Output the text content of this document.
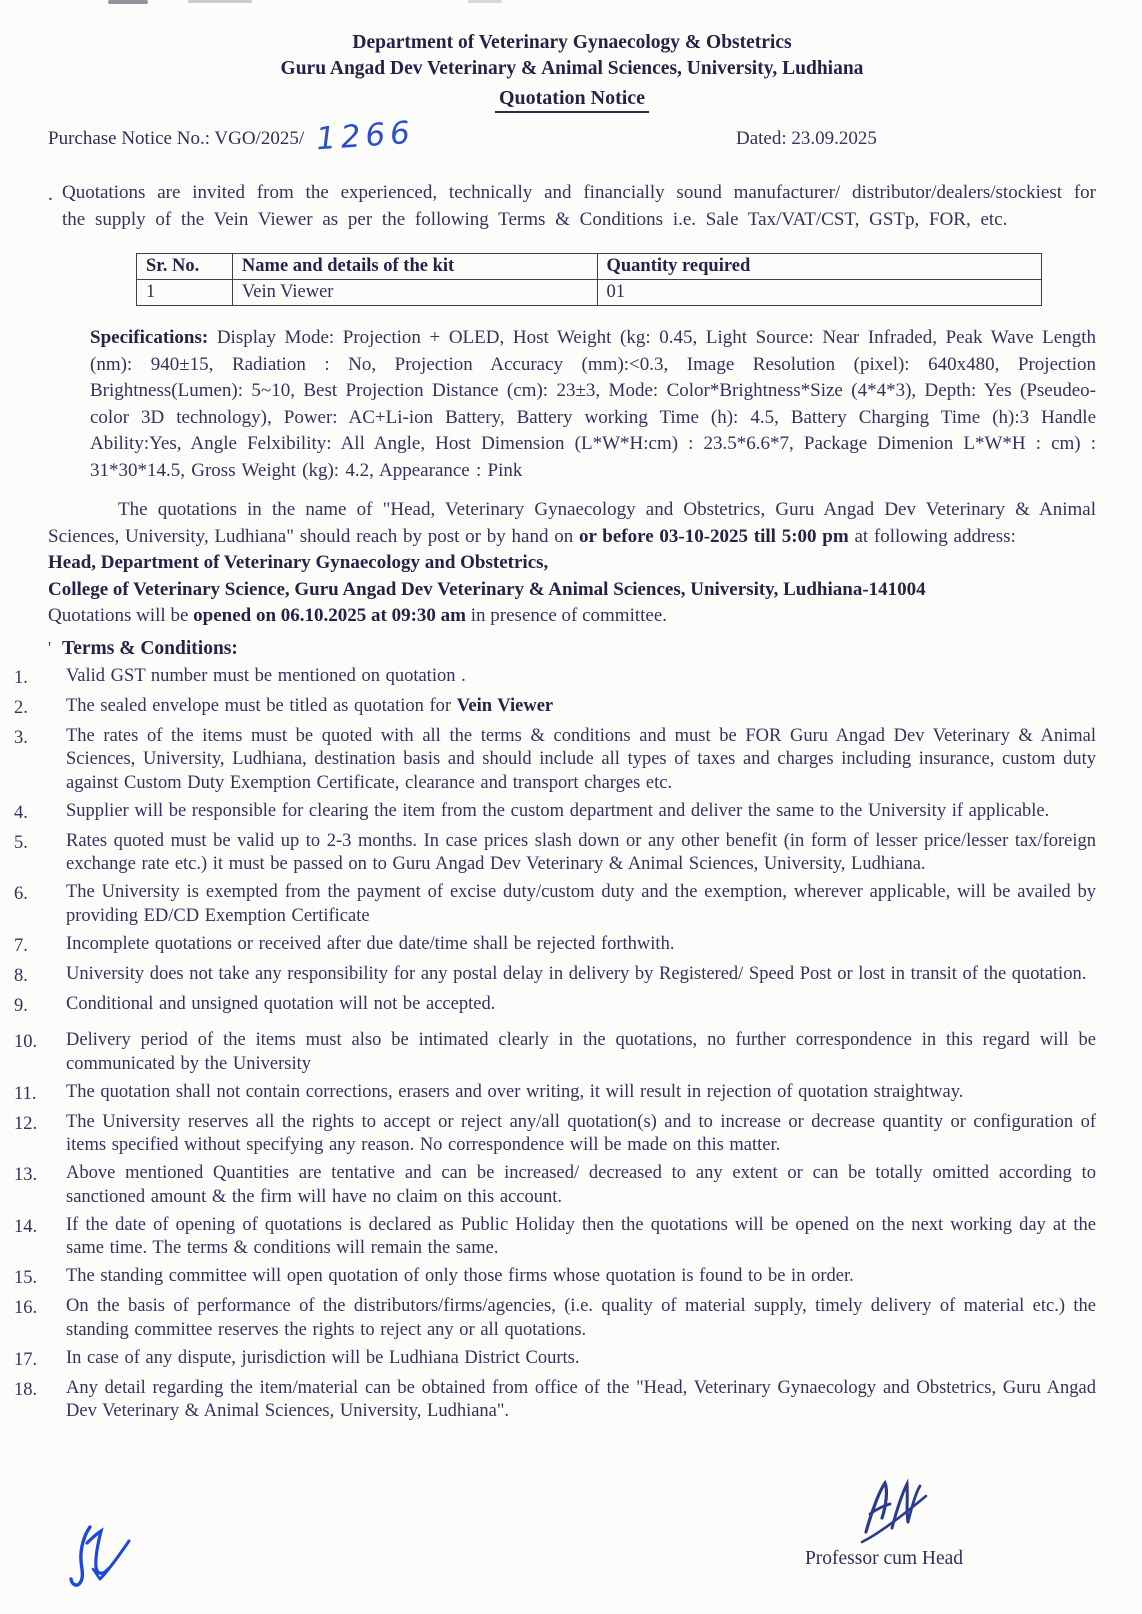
Department of Veterinary Gynaecology & Obstetrics
Guru Angad Dev Veterinary & Animal Sciences, University, Ludhiana
Quotation Notice
Purchase Notice No.: VGO/2025/ 1266	Dated: 23.09.2025
. Quotations are invited from the experienced, technically and financially sound manufacturer/ distributor/dealers/stockiest for the supply of the Vein Viewer as per the following Terms & Conditions i.e. Sale Tax/VAT/CST, GSTp, FOR, etc.

Sr. No.	Name and details of the kit	Quantity required
1	Vein Viewer	01

Specifications: Display Mode: Projection + OLED, Host Weight (kg: 0.45, Light Source: Near Infraded, Peak Wave Length (nm): 940±15, Radiation : No, Projection Accuracy (mm):<0.3, Image Resolution (pixel): 640x480, Projection Brightness(Lumen): 5~10, Best Projection Distance (cm): 23±3, Mode: Color*Brightness*Size (4*4*3), Depth: Yes (Pseudeo-color 3D technology), Power: AC+Li-ion Battery, Battery working Time (h): 4.5, Battery Charging Time (h):3 Handle Ability:Yes, Angle Felxibility: All Angle, Host Dimension (L*W*H:cm) : 23.5*6.6*7, Package Dimenion L*W*H : cm) : 31*30*14.5, Gross Weight (kg): 4.2, Appearance : Pink

The quotations in the name of "Head, Veterinary Gynaecology and Obstetrics, Guru Angad Dev Veterinary & Animal Sciences, University, Ludhiana" should reach by post or by hand on or before 03-10-2025 till 5:00 pm at following address:

Head, Department of Veterinary Gynaecology and Obstetrics,

College of Veterinary Science, Guru Angad Dev Veterinary & Animal Sciences, University, Ludhiana-141004

Quotations will be opened on 06.10.2025 at 09:30 am in presence of committee.

' Terms & Conditions:
1.	Valid GST number must be mentioned on quotation .
2.	The sealed envelope must be titled as quotation for Vein Viewer
3.	The rates of the items must be quoted with all the terms & conditions and must be FOR Guru Angad Dev Veterinary & Animal Sciences, University, Ludhiana, destination basis and should include all types of taxes and charges including insurance, custom duty against Custom Duty Exemption Certificate, clearance and transport charges etc.
4.	Supplier will be responsible for clearing the item from the custom department and deliver the same to the University if applicable.
5.	Rates quoted must be valid up to 2-3 months. In case prices slash down or any other benefit (in form of lesser price/lesser tax/foreign exchange rate etc.) it must be passed on to Guru Angad Dev Veterinary & Animal Sciences, University, Ludhiana.
6.	The University is exempted from the payment of excise duty/custom duty and the exemption, wherever applicable, will be availed by providing ED/CD Exemption Certificate
7.	Incomplete quotations or received after due date/time shall be rejected forthwith.
8.	University does not take any responsibility for any postal delay in delivery by Registered/ Speed Post or lost in transit of the quotation.
9.	Conditional and unsigned quotation will not be accepted.
10.	Delivery period of the items must also be intimated clearly in the quotations, no further correspondence in this regard will be communicated by the University
11.	The quotation shall not contain corrections, erasers and over writing, it will result in rejection of quotation straightway.
12.	The University reserves all the rights to accept or reject any/all quotation(s) and to increase or decrease quantity or configuration of items specified without specifying any reason. No correspondence will be made on this matter.
13.	Above mentioned Quantities are tentative and can be increased/ decreased to any extent or can be totally omitted according to sanctioned amount & the firm will have no claim on this account.
14.	If the date of opening of quotations is declared as Public Holiday then the quotations will be opened on the next working day at the same time. The terms & conditions will remain the same.
15.	The standing committee will open quotation of only those firms whose quotation is found to be in order.
16.	On the basis of performance of the distributors/firms/agencies, (i.e. quality of material supply, timely delivery of material etc.) the standing committee reserves the rights to reject any or all quotations.
17.	In case of any dispute, jurisdiction will be Ludhiana District Courts.
18.	Any detail regarding the item/material can be obtained from office of the "Head, Veterinary Gynaecology and Obstetrics, Guru Angad Dev Veterinary & Animal Sciences, University, Ludhiana".
Professor cum Head
